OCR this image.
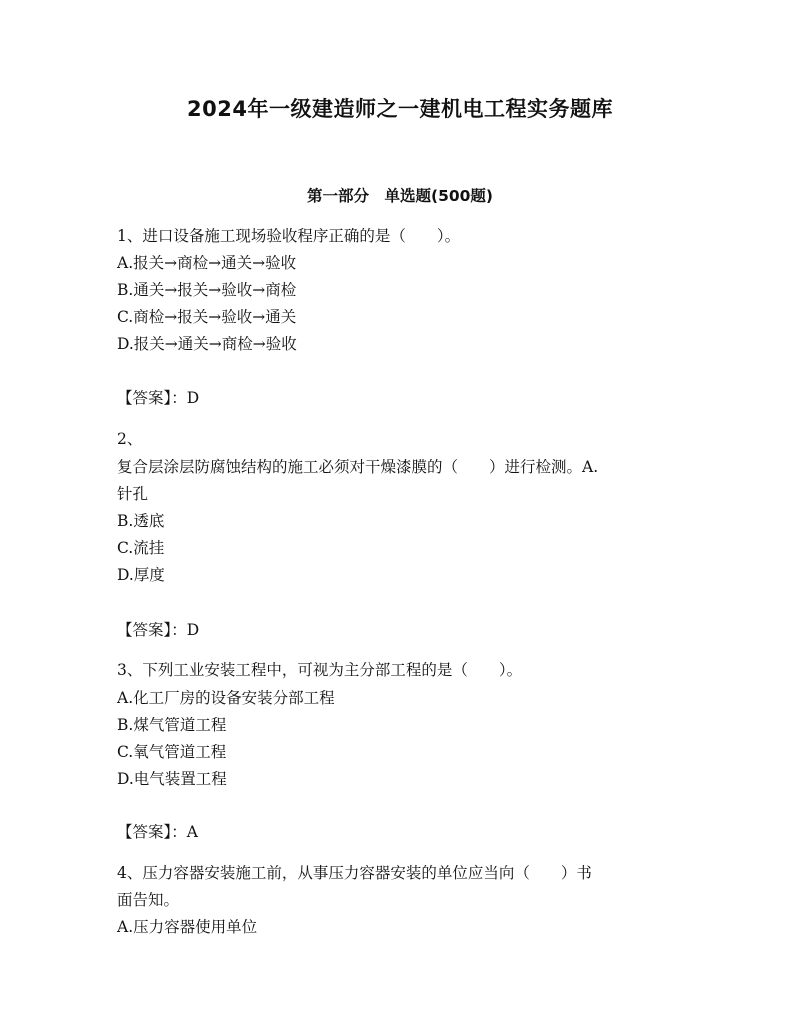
2024年一级建造师之一建机电工程实务题库
第一部分　单选题(500题)
1、进口设备施工现场验收程序正确的是（　　）。
A.报关→商检→通关→验收
B.通关→报关→验收→商检
C.商检→报关→验收→通关
D.报关→通关→商检→验收
【答案】：D
2、
复合层涂层防腐蚀结构的施工必须对干燥漆膜的（　　）进行检测。A.
针孔
B.透底
C.流挂
D.厚度
【答案】：D
3、下列工业安装工程中，可视为主分部工程的是（　　）。
A.化工厂房的设备安装分部工程
B.煤气管道工程
C.氧气管道工程
D.电气装置工程
【答案】：A
4、压力容器安装施工前，从事压力容器安装的单位应当向（　　）书
面告知。
A.压力容器使用单位
